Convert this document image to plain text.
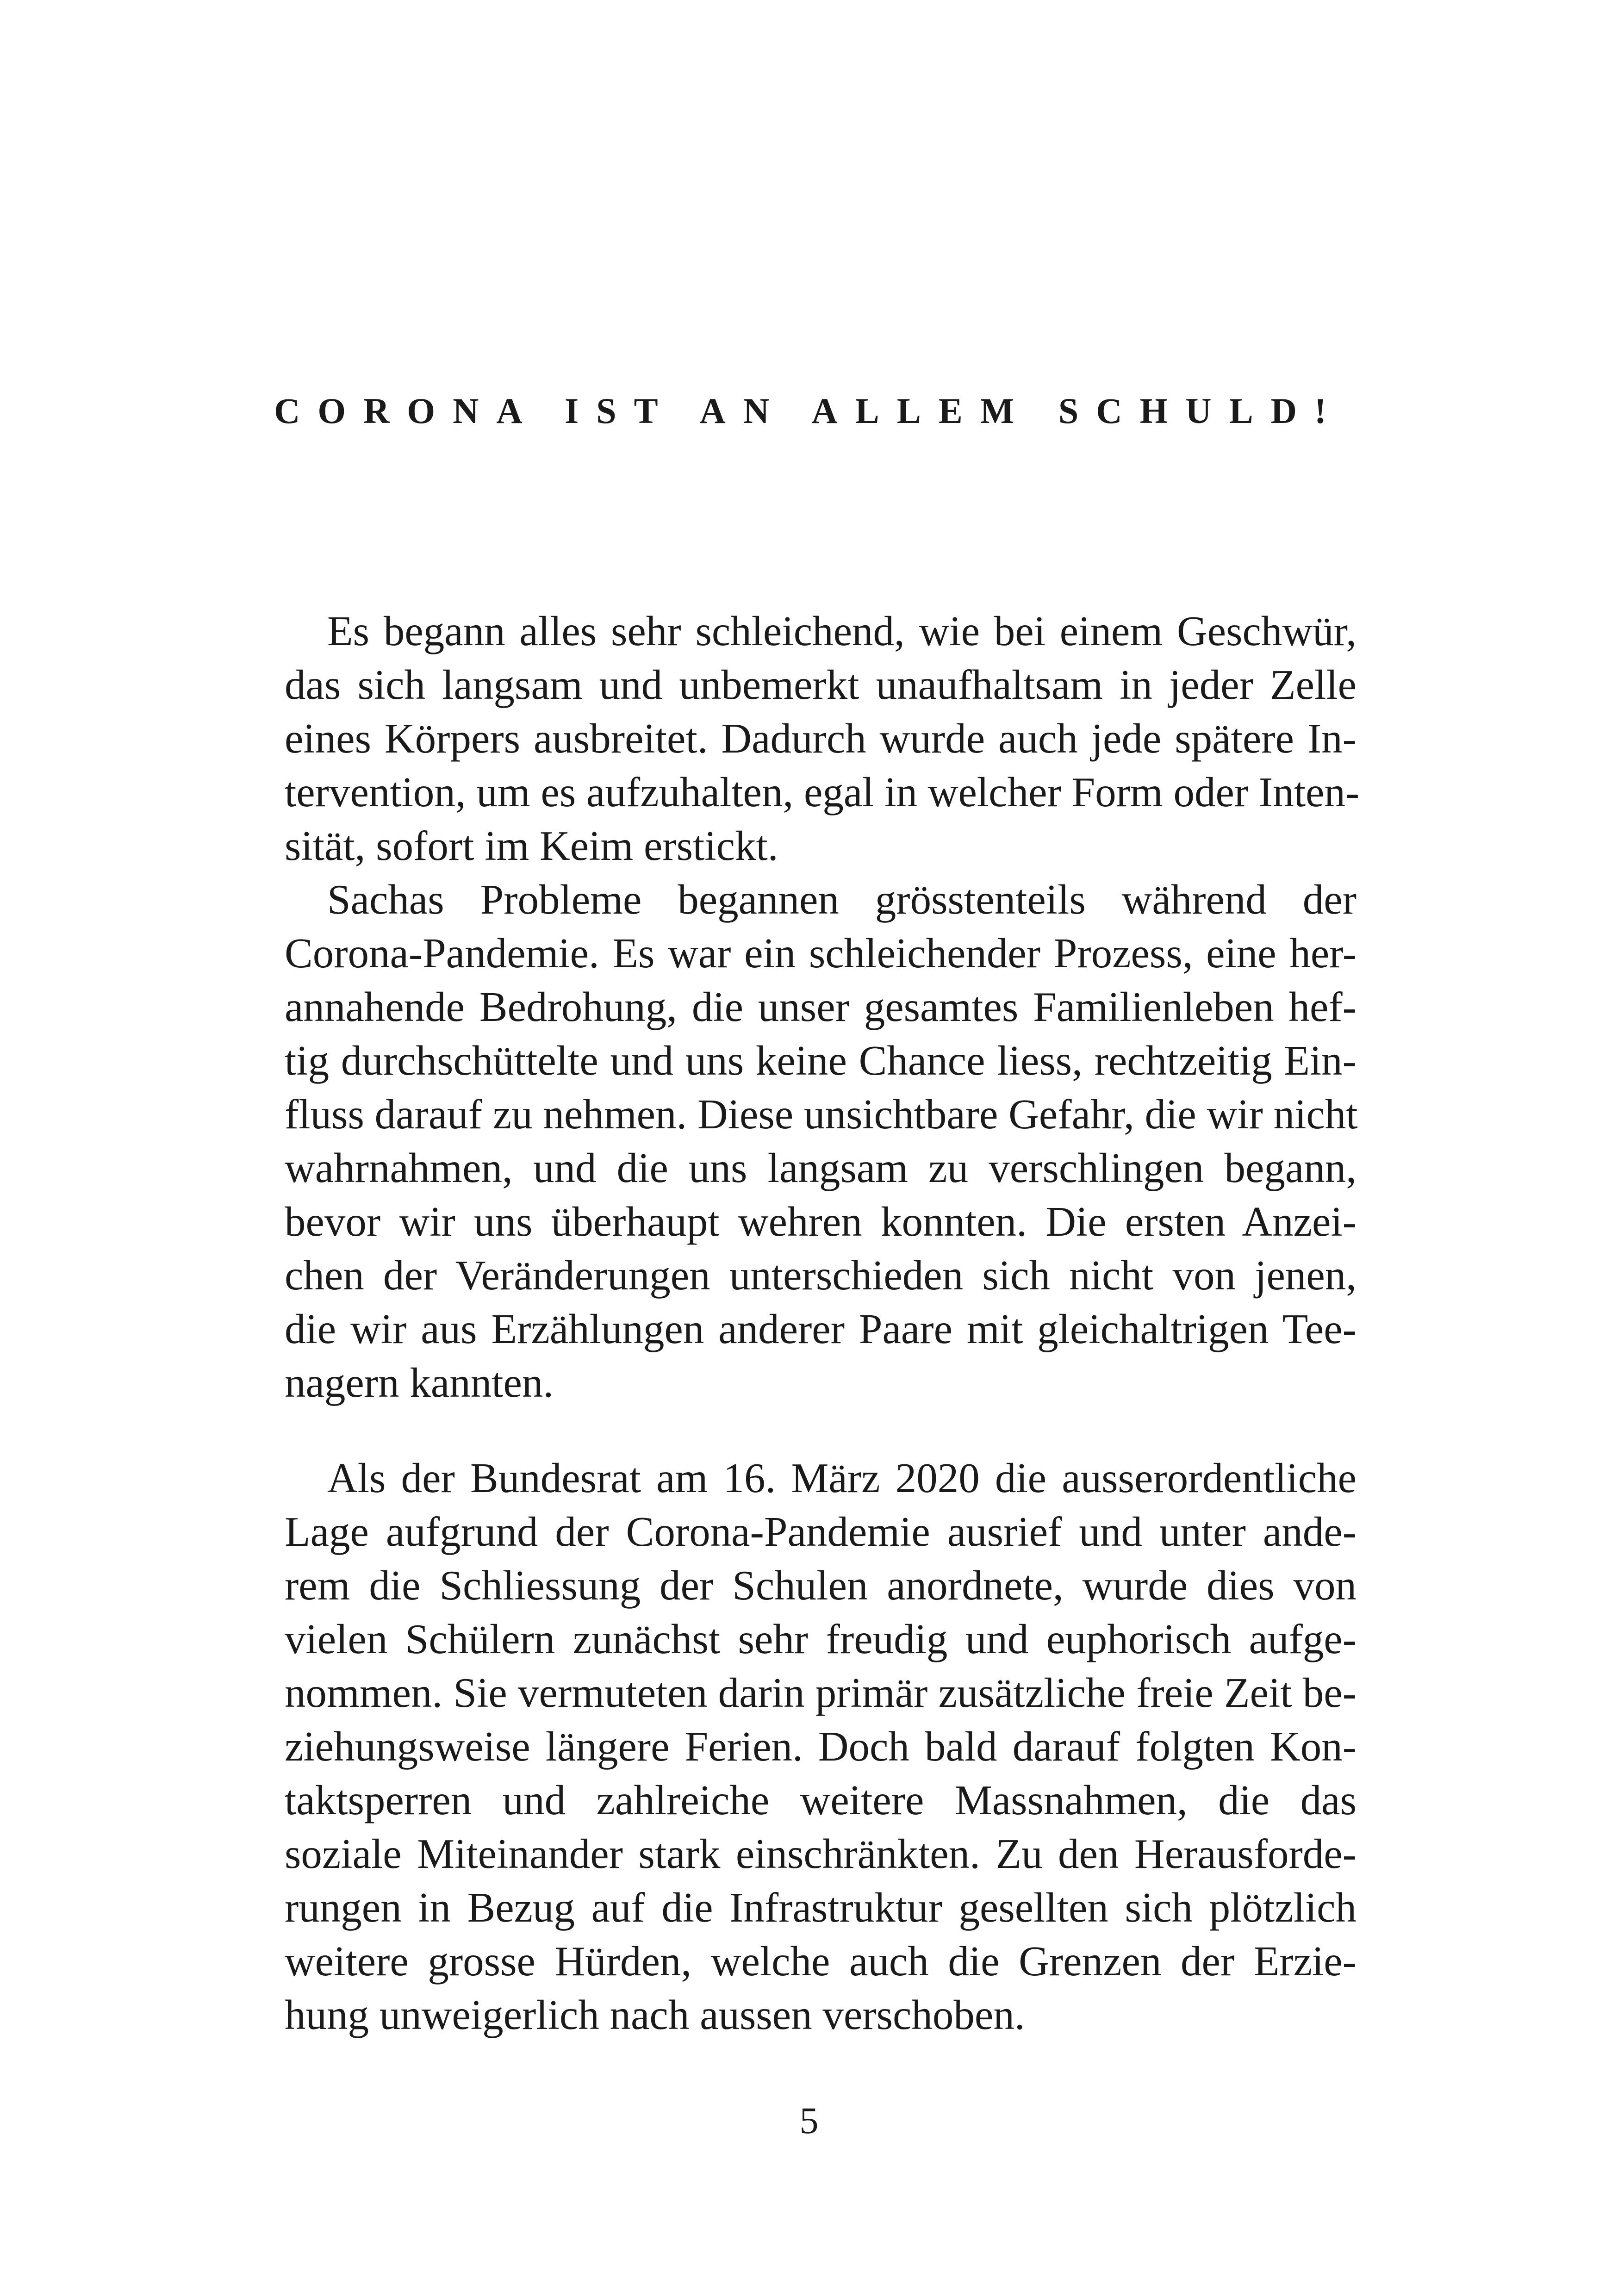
CORONA IST AN ALLEM SCHULD!
Es begann alles sehr schleichend, wie bei einem Geschwür,
das sich langsam und unbemerkt unaufhaltsam in jeder Zelle
eines Körpers ausbreitet. Dadurch wurde auch jede spätere In-
tervention, um es aufzuhalten, egal in welcher Form oder Inten-
sität, sofort im Keim erstickt.
Sachas Probleme begannen grösstenteils während der
Corona-Pandemie. Es war ein schleichender Prozess, eine her-
annahende Bedrohung, die unser gesamtes Familienleben hef-
tig durchschüttelte und uns keine Chance liess, rechtzeitig Ein-
fluss darauf zu nehmen. Diese unsichtbare Gefahr, die wir nicht
wahrnahmen, und die uns langsam zu verschlingen begann,
bevor wir uns überhaupt wehren konnten. Die ersten Anzei-
chen der Veränderungen unterschieden sich nicht von jenen,
die wir aus Erzählungen anderer Paare mit gleichaltrigen Tee-
nagern kannten.
Als der Bundesrat am 16. März 2020 die ausserordentliche
Lage aufgrund der Corona-Pandemie ausrief und unter ande-
rem die Schliessung der Schulen anordnete, wurde dies von
vielen Schülern zunächst sehr freudig und euphorisch aufge-
nommen. Sie vermuteten darin primär zusätzliche freie Zeit be-
ziehungsweise längere Ferien. Doch bald darauf folgten Kon-
taktsperren und zahlreiche weitere Massnahmen, die das
soziale Miteinander stark einschränkten. Zu den Herausforde-
rungen in Bezug auf die Infrastruktur gesellten sich plötzlich
weitere grosse Hürden, welche auch die Grenzen der Erzie-
hung unweigerlich nach aussen verschoben.
5
